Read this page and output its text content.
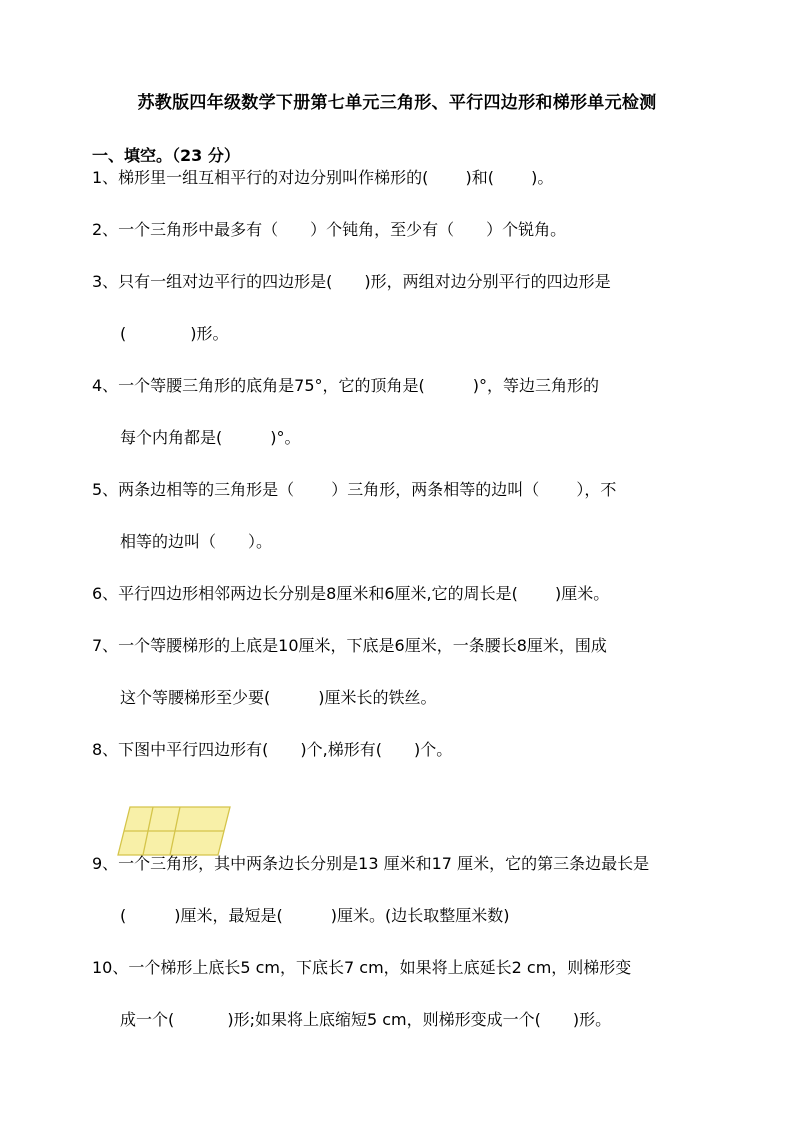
苏教版四年级数学下册第七单元三角形、平行四边形和梯形单元检测
一、填空。（23 分）
1、梯形里一组互相平行的对边分别叫作梯形的(　　 )和(　　 )。
2、一个三角形中最多有（　　）个钝角，至少有（　　）个锐角。
3、只有一组对边平行的四边形是(　　)形，两组对边分别平行的四边形是
(　　　　)形。
4、一个等腰三角形的底角是75°，它的顶角是(　　　)°，等边三角形的
每个内角都是(　　　)°。
5、两条边相等的三角形是（　　 ）三角形，两条相等的边叫（　　 ），不
相等的边叫（　　）。
6、平行四边形相邻两边长分别是8厘米和6厘米,它的周长是(　　 )厘米。
7、一个等腰梯形的上底是10厘米，下底是6厘米，一条腰长8厘米，围成
这个等腰梯形至少要(　　　)厘米长的铁丝。
8、下图中平行四边形有(　　)个,梯形有(　　)个。
9、一个三角形，其中两条边长分别是13 厘米和17 厘米，它的第三条边最长是
(　　　)厘米，最短是(　　　)厘米。(边长取整厘米数)
10、一个梯形上底长5 cm，下底长7 cm，如果将上底延长2 cm，则梯形变
成一个(　　　 )形;如果将上底缩短5 cm，则梯形变成一个(　　)形。
